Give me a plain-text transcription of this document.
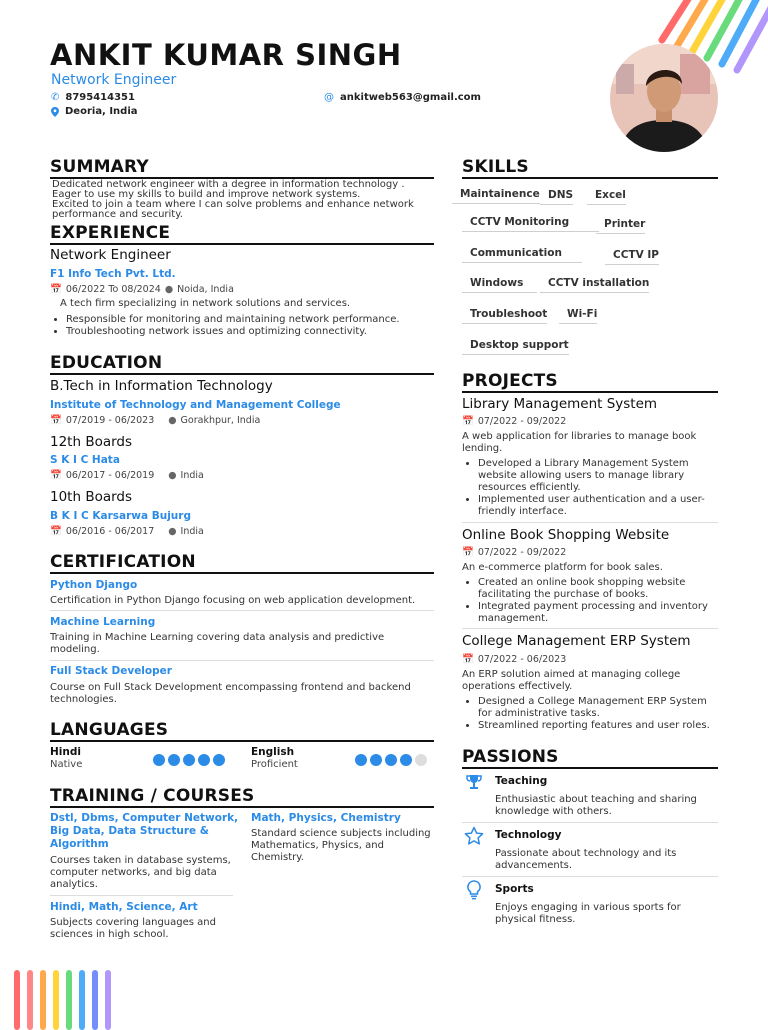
ANKIT KUMAR SINGH
Network Engineer
✆ 8795414351	@ ankitweb563@gmail.com
Deoria, India
SUMMARY
Dedicated network engineer with a degree in information technology .
Eager to use my skills to build and improve network systems.
Excited to join a team where I can solve problems and enhance network
performance and security.
EXPERIENCE
Network Engineer
F1 Info Tech Pvt. Ltd.
📅 06/2022 To 08/2024 ● Noida, India
A tech firm specializing in network solutions and services.
• Responsible for monitoring and maintaining network performance.
• Troubleshooting network issues and optimizing connectivity.
EDUCATION
B.Tech in Information Technology
Institute of Technology and Management College
📅 07/2019 - 06/2023 ● Gorakhpur, India
12th Boards
S K I C Hata
📅 06/2017 - 06/2019 ● India
10th Boards
B K I C Karsarwa Bujurg
📅 06/2016 - 06/2017 ● India
CERTIFICATION
Python Django
Certification in Python Django focusing on web application development.
Machine Learning
Training in Machine Learning covering data analysis and predictive
modeling.
Full Stack Developer
Course on Full Stack Development encompassing frontend and backend
technologies.
LANGUAGES
Hindi
Native
English
Proficient
TRAINING / COURSES
Dstl, Dbms, Computer Network,
Big Data, Data Structure &
Algorithm
Courses taken in database systems,
computer networks, and big data
analytics.
Math, Physics, Chemistry
Standard science subjects including
Mathematics, Physics, and
Chemistry.
Hindi, Math, Science, Art
Subjects covering languages and
sciences in high school.
SKILLS
Maintainence DNS	Excel
CCTV Monitoring	Printer
Communication	CCTV IP
Windows	CCTV installation
Troubleshoot	Wi-Fi
Desktop support
PROJECTS
Library Management System
📅 07/2022 - 09/2022
A web application for libraries to manage book
lending.
• Developed a Library Management System
website allowing users to manage library
resources efficiently.
• Implemented user authentication and a user-
friendly interface.
Online Book Shopping Website
📅 07/2022 - 09/2022
An e-commerce platform for book sales.
• Created an online book shopping website
facilitating the purchase of books.
• Integrated payment processing and inventory
management.
College Management ERP System
📅 07/2022 - 06/2023
An ERP solution aimed at managing college
operations effectively.
• Designed a College Management ERP System
for administrative tasks.
• Streamlined reporting features and user roles.
PASSIONS
Teaching
Enthusiastic about teaching and sharing
knowledge with others.
Technology
Passionate about technology and its
advancements.
Sports
Enjoys engaging in various sports for
physical fitness.
